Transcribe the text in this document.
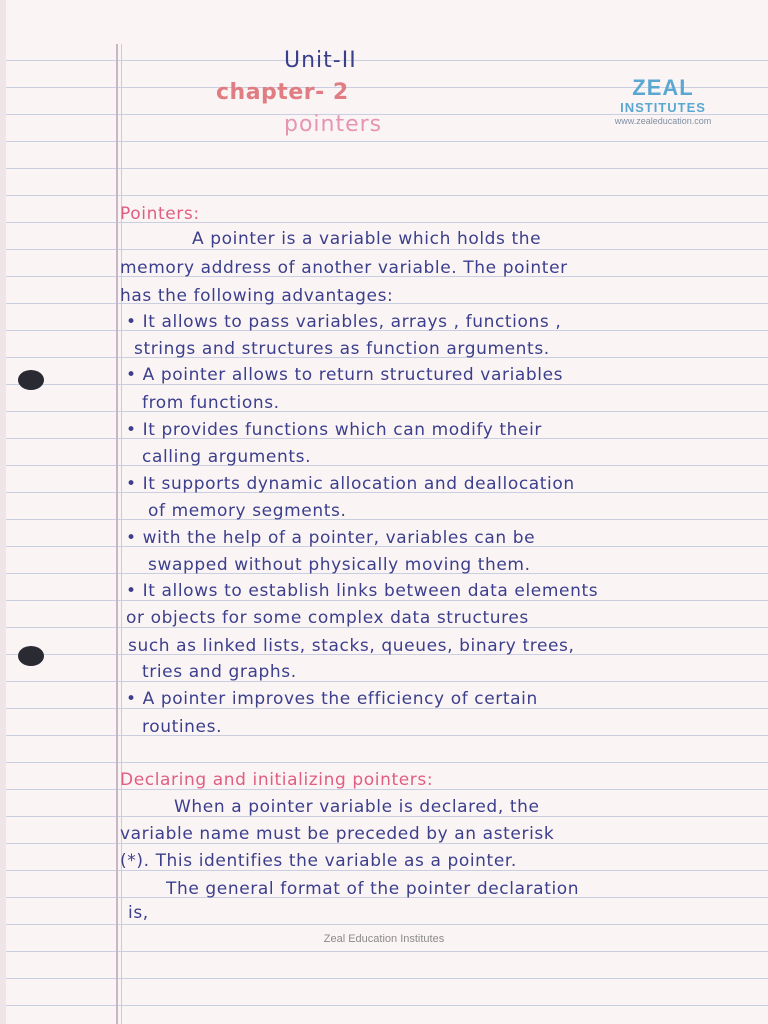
Unit-II
chapter- 2
pointers
ZEAL
INSTITUTES
www.zealeducation.com
Pointers:
A pointer is a variable which holds the
memory address of another variable. The pointer
has the following advantages:
• It allows to pass variables, arrays , functions ,
strings and structures as function arguments.
• A pointer allows to return structured variables
from functions.
• It provides functions which can modify their
calling arguments.
• It supports dynamic allocation and deallocation
of memory segments.
• with the help of a pointer, variables can be
swapped without physically moving them.
• It allows to establish links between data elements
or objects for some complex data structures
such as linked lists, stacks, queues, binary trees,
tries and graphs.
• A pointer improves the efficiency of certain
routines.
Declaring and initializing pointers:
When a pointer variable is declared, the
variable name must be preceded by an asterisk
(*). This identifies the variable as a pointer.
The general format of the pointer declaration
is,
Zeal Education Institutes
